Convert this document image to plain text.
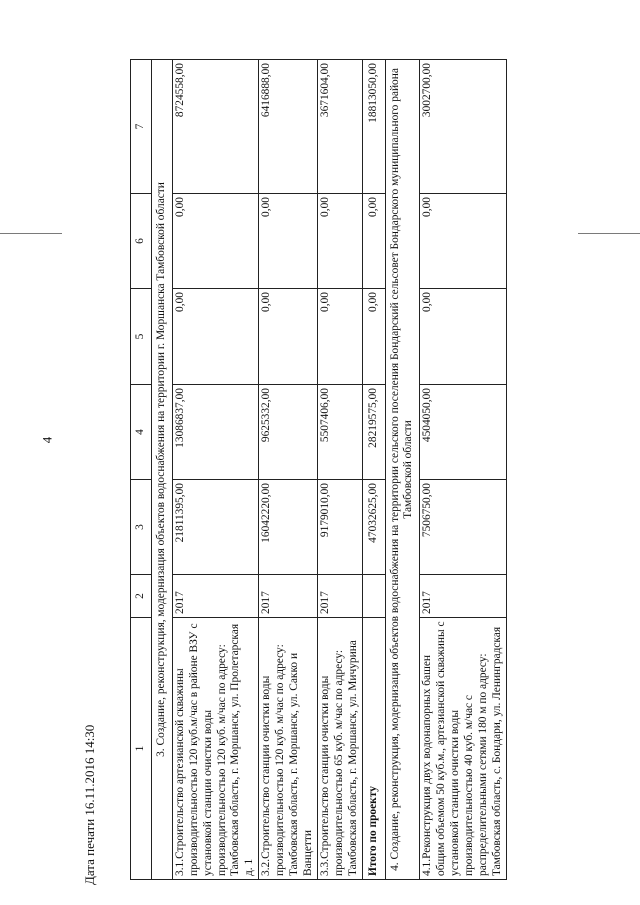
4
1	2	3	4	5	6	7
3. Создание, реконструкция, модернизация объектов водоснабжения на территории г. Моршанска Тамбовской области						
3.1.Строительство артезианской скважины производительностью 120 куб.м/час в районе ВЗУ с установкой станции очистки воды производительностью 120 куб. м/час по адресу: Тамбовская область, г. Моршанск, ул. Пролетарская д. 1	2017	21811395,00	13086837,00	0,00	0,00	8724558,00
3.2.Строительство станции очистки воды производительностью 120 куб. м/час по адресу: Тамбовская область, г. Моршанск, ул. Сакко и Ванцетти	2017	16042220,00	9625332,00	0,00	0,00	6416888,00
3.3.Строительство станции очистки воды производительностью 65 куб. м/час по адресу: Тамбовская область, г. Моршанск, ул. Мичурина	2017	9179010,00	5507406,00	0,00	0,00	3671604,00
Итого по проекту		47032625,00	28219575,00	0,00	0,00	18813050,00
4. Создание, реконструкция, модернизация объектов водоснабжения на территории сельского поселения Бондарский сельсовет Бондарского муниципального района Тамбовской области						
4.1.Реконструкция двух водонапорных башен общим объемом 50 куб.м., артезианской скважины с установкой станции очистки воды производительностью 40 куб. м/час с распределительными сетями 180 м по адресу: Тамбовская область, с. Бондари, ул. Ленинградская	2017	7506750,00	4504050,00	0,00	0,00	3002700,00
Дата печати 16.11.2016 14:30
